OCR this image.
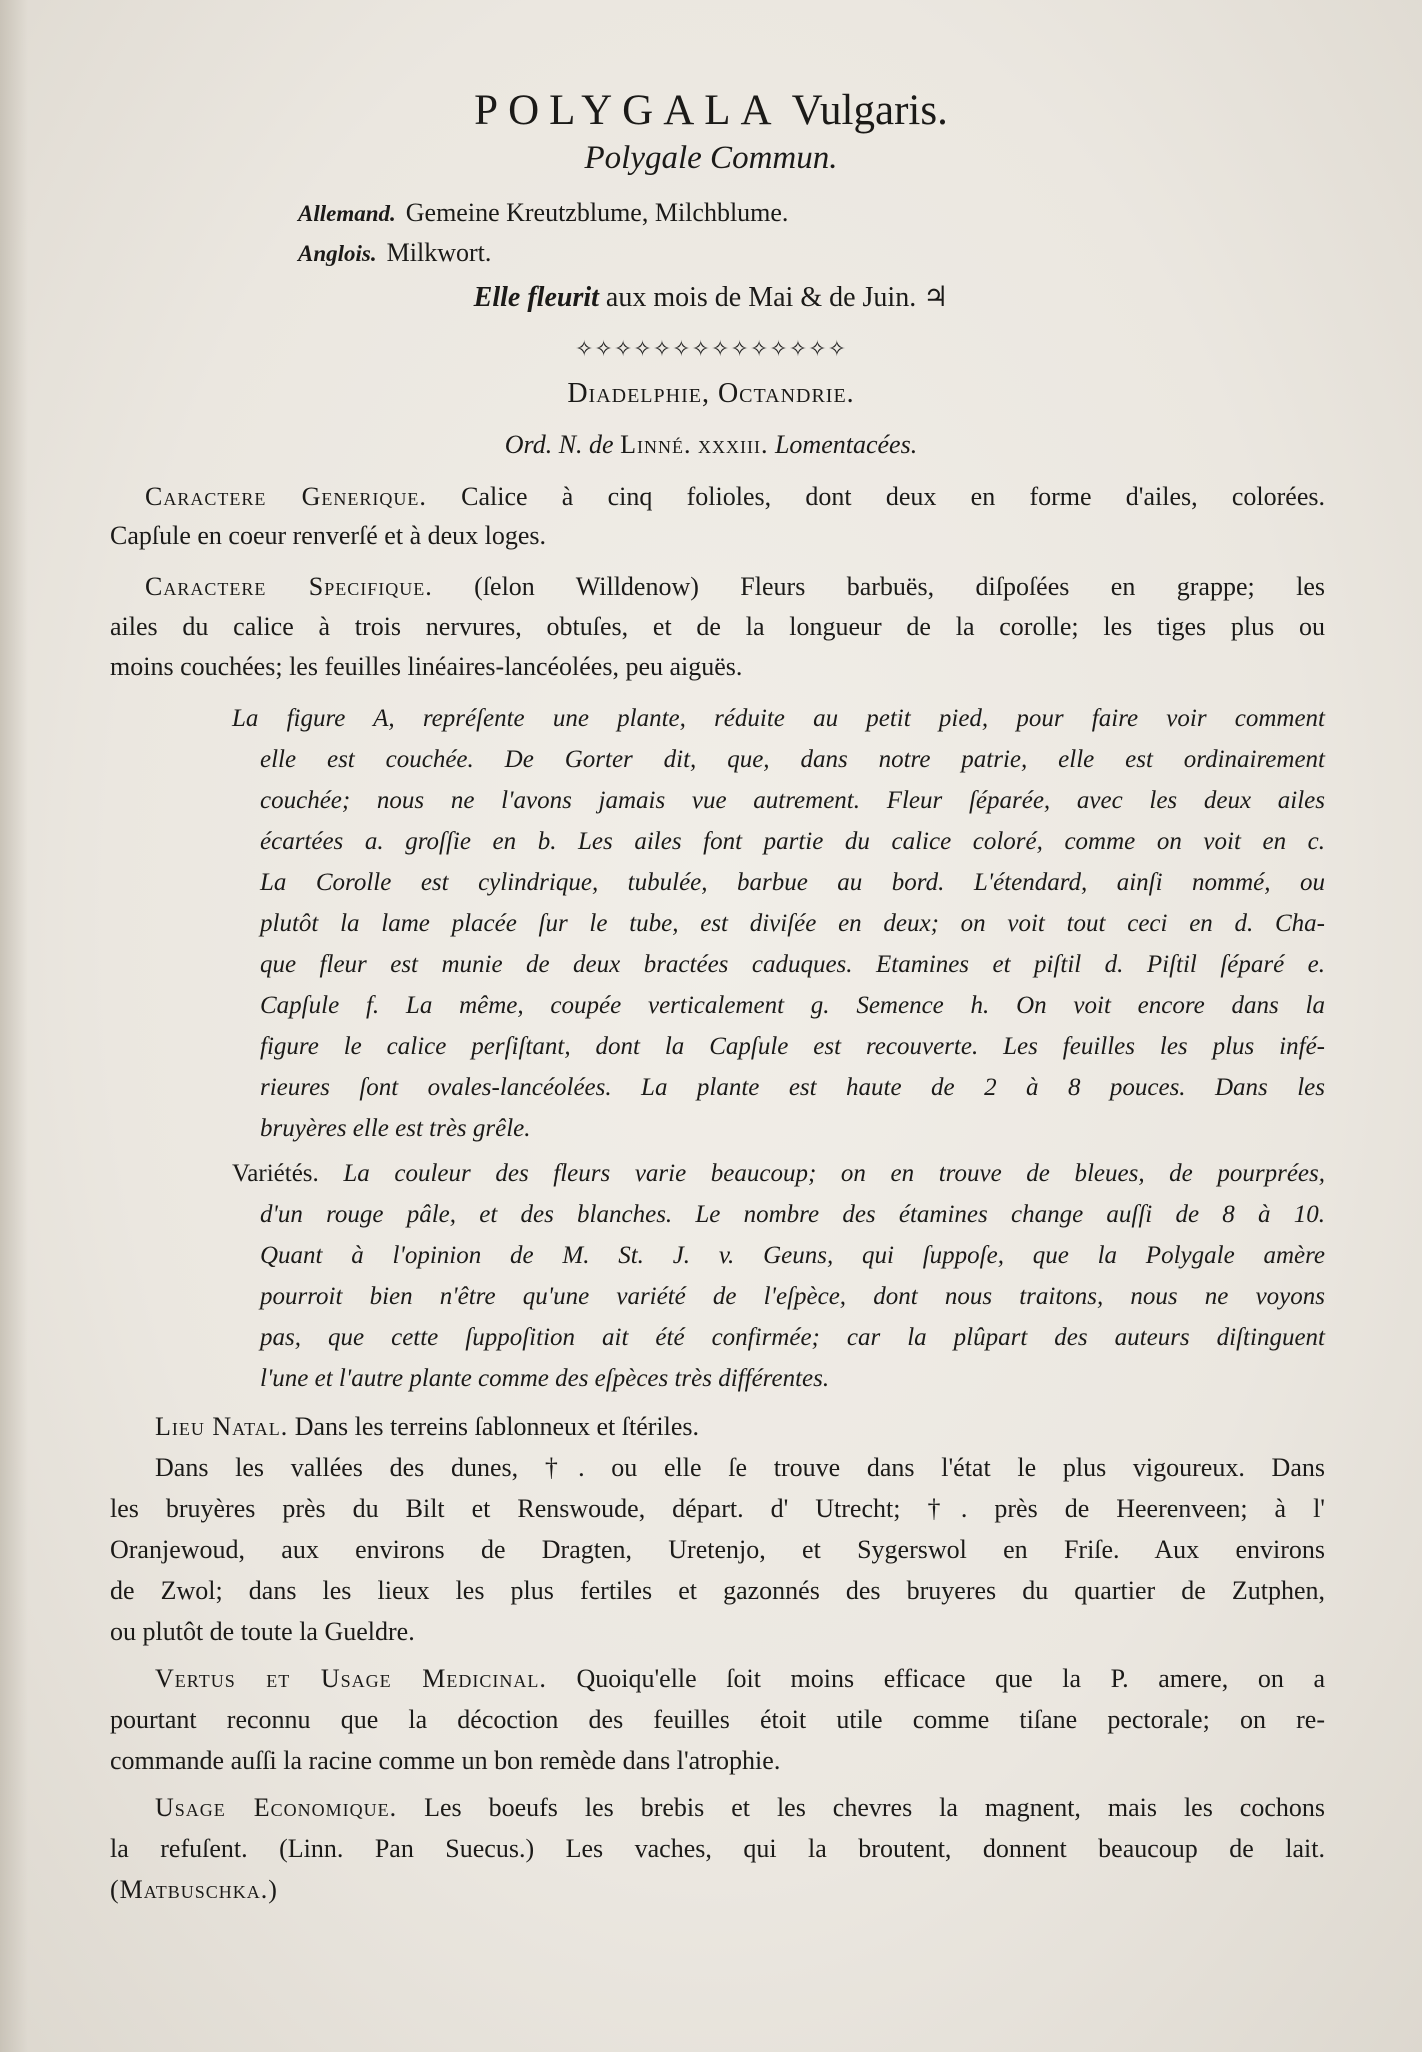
POLYGALA Vulgaris.
Polygale Commun.
Allemand. Gemeine Kreutzblume, Milchblume.
Anglois. Milkwort.
Elle fleurit aux mois de Mai & de Juin. ♃
✧✧✧✧✧✧✧✧✧✧✧✧✧✧
Diadelphie, Octandrie.
Ord. N. de Linné. xxxiii. Lomentacées.
Caractere Generique. Calice à cinq folioles, dont deux en forme d'ailes, colorées.
Capſule en coeur renverſé et à deux loges.
Caractere Specifique. (ſelon Willdenow) Fleurs barbuës, diſpoſées en grappe; les
ailes du calice à trois nervures, obtuſes, et de la longueur de la corolle; les tiges plus ou
moins couchées; les feuilles linéaires-lancéolées, peu aiguës.
La figure A, repréſente une plante, réduite au petit pied, pour faire voir comment
elle est couchée. De Gorter dit, que, dans notre patrie, elle est ordinairement
couchée; nous ne l'avons jamais vue autrement. Fleur ſéparée, avec les deux ailes
écartées a. groſſie en b. Les ailes font partie du calice coloré, comme on voit en c.
La Corolle est cylindrique, tubulée, barbue au bord. L'étendard, ainſi nommé, ou
plutôt la lame placée ſur le tube, est diviſée en deux; on voit tout ceci en d. Cha-
que fleur est munie de deux bractées caduques. Etamines et piſtil d. Piſtil ſéparé e.
Capſule f. La même, coupée verticalement g. Semence h. On voit encore dans la
figure le calice perſiſtant, dont la Capſule est recouverte. Les feuilles les plus infé-
rieures ſont ovales-lancéolées. La plante est haute de 2 à 8 pouces. Dans les
bruyères elle est très grêle.
Variétés. La couleur des fleurs varie beaucoup; on en trouve de bleues, de pourprées,
d'un rouge pâle, et des blanches. Le nombre des étamines change auſſi de 8 à 10.
Quant à l'opinion de M. St. J. v. Geuns, qui ſuppoſe, que la Polygale amère
pourroit bien n'être qu'une variété de l'eſpèce, dont nous traitons, nous ne voyons
pas, que cette ſuppoſition ait été confirmée; car la plûpart des auteurs diſtinguent
l'une et l'autre plante comme des eſpèces très différentes.
Lieu Natal. Dans les terreins ſablonneux et ſtériles.
Dans les vallées des dunes, †. ou elle ſe trouve dans l'état le plus vigoureux. Dans
les bruyères près du Bilt et Renswoude, départ. d' Utrecht; †. près de Heerenveen; à l'
Oranjewoud, aux environs de Dragten, Uretenjo, et Sygerswol en Friſe. Aux environs
de Zwol; dans les lieux les plus fertiles et gazonnés des bruyeres du quartier de Zutphen,
ou plutôt de toute la Gueldre.
Vertus et Usage Medicinal. Quoiqu'elle ſoit moins efficace que la P. amere, on a
pourtant reconnu que la décoction des feuilles étoit utile comme tiſane pectorale; on re-
commande auſſi la racine comme un bon remède dans l'atrophie.
Usage Economique. Les boeufs les brebis et les chevres la magnent, mais les cochons
la refuſent. (Linn. Pan Suecus.) Les vaches, qui la broutent, donnent beaucoup de lait.
(Matbuschka.)
